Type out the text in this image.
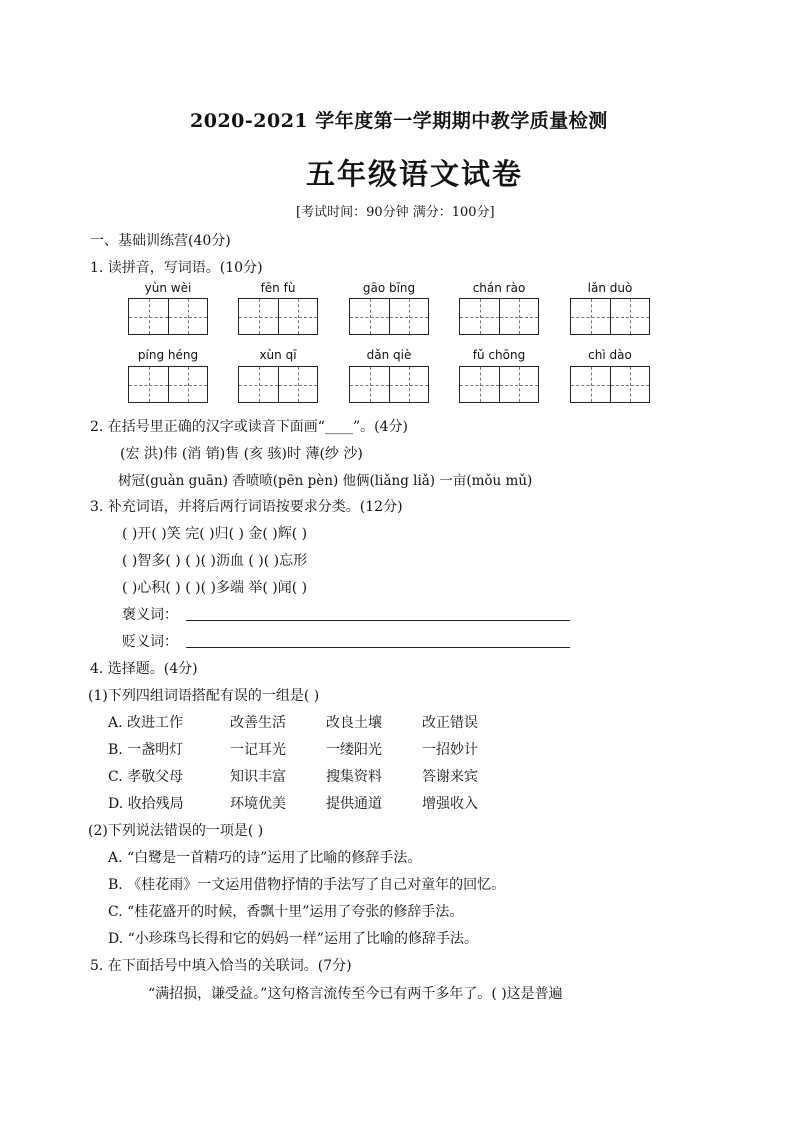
2020-2021 学年度第一学期期中教学质量检测
五年级语文试卷
[考试时间：90分钟 满分：100分]
一、基础训练营(40分)
1. 读拼音，写词语。(10分)
yùn wèi	fēn fù	gāo bīng	chán rào	lǎn duò
píng héng	xùn qī	dǎn qiè	fǔ chōng	chì dào
2. 在括号里正确的汉字或读音下面画“____”。(4分)
(宏 洪)伟 (消 销)售 (亥 骇)时 薄(纱 沙)
树冠(guàn guān) 香喷喷(pēn pèn) 他俩(liǎng liǎ) 一亩(mǒu mǔ)
3. 补充词语，并将后两行词语按要求分类。(12分)
( )开( )笑 完( )归( ) 金( )辉( )
( )智多( ) ( )( )沥血 ( )( )忘形
( )心积( ) ( )( )多端 举( )闻( )
褒义词：
贬义词：
4. 选择题。(4分)
(1)下列四组词语搭配有误的一组是( )
A. 改进工作	改善生活	改良土壤	改正错误
B. 一盏明灯	一记耳光	一缕阳光	一招妙计
C. 孝敬父母	知识丰富	搜集资料	答谢来宾
D. 收拾残局	环境优美	提供通道	增强收入
(2)下列说法错误的一项是( )
A. “白鹭是一首精巧的诗”运用了比喻的修辞手法。
B. 《桂花雨》一文运用借物抒情的手法写了自己对童年的回忆。
C. “桂花盛开的时候，香飘十里”运用了夸张的修辞手法。
D. “小珍珠鸟长得和它的妈妈一样”运用了比喻的修辞手法。
5. 在下面括号中填入恰当的关联词。(7分)
“满招损，谦受益。”这句格言流传至今已有两千多年了。( )这是普遍
